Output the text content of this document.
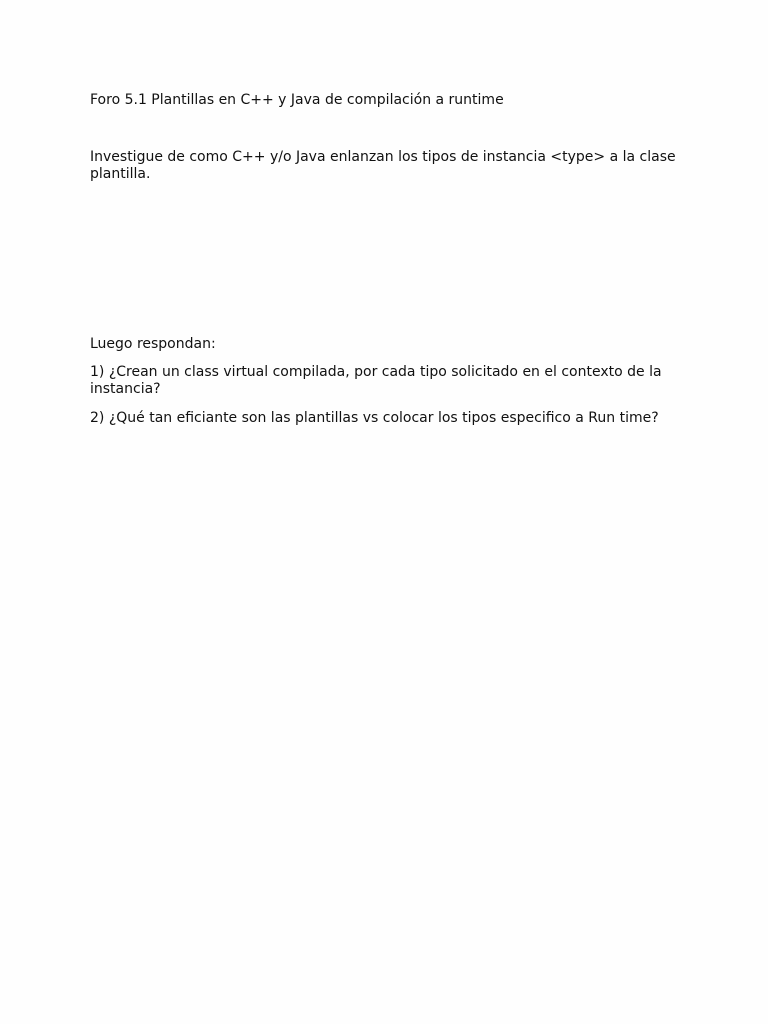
Foro 5.1 Plantillas en C++ y Java de compilación a runtime

Investigue de como C++ y/o Java enlanzan los tipos de instancia <type> a la clase plantilla.

Luego respondan:

1) ¿Crean un class virtual compilada, por cada tipo solicitado en el contexto de la instancia?

2) ¿Qué tan eficiante son las plantillas vs colocar los tipos especifico a Run time?
